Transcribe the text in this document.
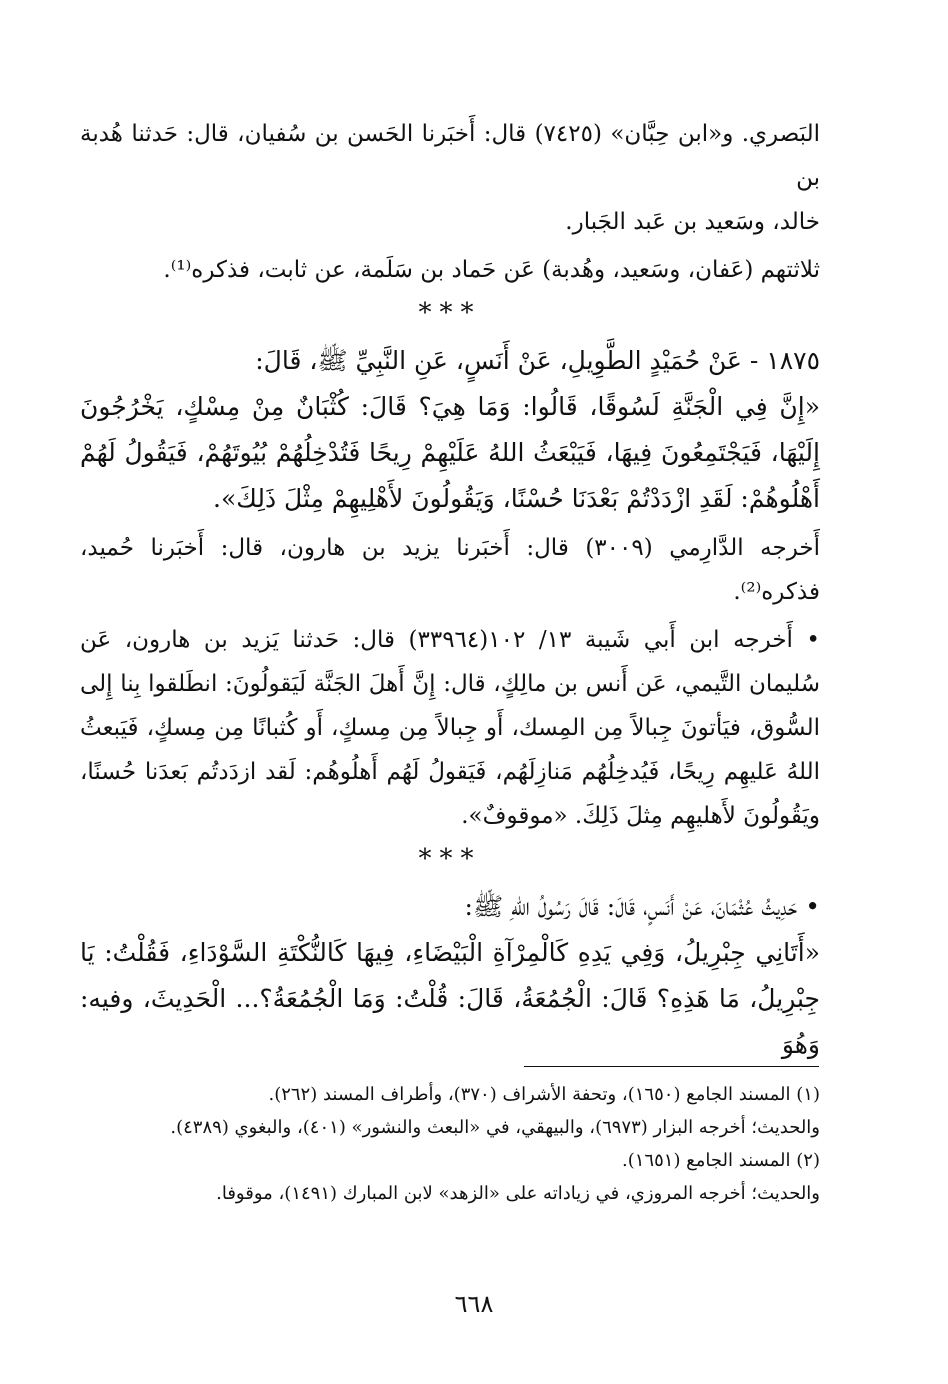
البَصري. و«ابن حِبَّان» (٧٤٢٥) قال: أَخبَرنا الحَسن بن سُفيان، قال: حَدثنا هُدبة بن
خالد، وسَعيد بن عَبد الجَبار.

ثلاثتهم (عَفان، وسَعيد، وهُدبة) عَن حَماد بن سَلَمة، عن ثابت، فذكره⁽¹⁾.

***

١٨٧٥ - عَنْ حُمَيْدٍ الطَّوِيلِ، عَنْ أَنَسٍ، عَنِ النَّبِيِّ ﷺ، قَالَ:

«إِنَّ فِي الْجَنَّةِ لَسُوقًا، قَالُوا: وَمَا هِيَ؟ قَالَ: كُثْبَانٌ مِنْ مِسْكٍ، يَخْرُجُونَ إِلَيْهَا، فَيَجْتَمِعُونَ فِيهَا، فَيَبْعَثُ اللهُ عَلَيْهِمْ رِيحًا فَتُدْخِلُهُمْ بُيُوتَهُمْ، فَيَقُولُ لَهُمْ أَهْلُوهُمْ: لَقَدِ ازْدَدْتُمْ بَعْدَنَا حُسْنًا، وَيَقُولُونَ لأَهْلِيهِمْ مِثْلَ ذَلِكَ».

أَخرجه الدَّارِمي (٣٠٠٩) قال: أَخبَرنا يزيد بن هارون، قال: أَخبَرنا حُميد، فذكره⁽²⁾.

• أَخرجه ابن أَبي شَيبة ١٣/ ١٠٢(٣٣٩٦٤) قال: حَدثنا يَزيد بن هارون، عَن سُليمان التَّيمي، عَن أَنس بن مالِكٍ، قال: إِنَّ أَهلَ الجَنَّة لَيَقولُونَ: انطَلقوا بِنا إِلى السُّوق، فيَأتونَ جِبالاً مِن المِسك، أَو جِبالاً مِن مِسكٍ، أَو كُثبانًا مِن مِسكٍ، فَيَبعثُ اللهُ عَليهِم رِيحًا، فَيُدخِلُهُم مَنازِلَهُم، فَيَقولُ لَهُم أَهلُوهُم: لَقد ازدَدتُم بَعدَنا حُسنًا، ويَقُولُونَ لأَهليهِم مِثلَ ذَلِكَ. «موقوفٌ».

***

• حَدِيثُ عُثْمَانَ، عَنْ أَنَسٍ، قَالَ: قَالَ رَسُولُ اللهِ ﷺ:

«أَتَانِي جِبْرِيلُ، وَفِي يَدِهِ كَالْمِرْآةِ الْبَيْضَاءِ، فِيهَا كَالنُّكْتَةِ السَّوْدَاءِ، فَقُلْتُ: يَا جِبْرِيلُ، مَا هَذِهِ؟ قَالَ: الْجُمُعَةُ، قَالَ: قُلْتُ: وَمَا الْجُمُعَةُ؟... الْحَدِيثَ، وفيه: وَهُوَ

(١) المسند الجامع (١٦٥٠)، وتحفة الأشراف (٣٧٠)، وأطراف المسند (٢٦٢).

والحديث؛ أخرجه البزار (٦٩٧٣)، والبيهقي، في «البعث والنشور» (٤٠١)، والبغوي (٤٣٨٩).

(٢) المسند الجامع (١٦٥١).

والحديث؛ أخرجه المروزي، في زياداته على «الزهد» لابن المبارك (١٤٩١)، موقوفا.

٦٦٨
